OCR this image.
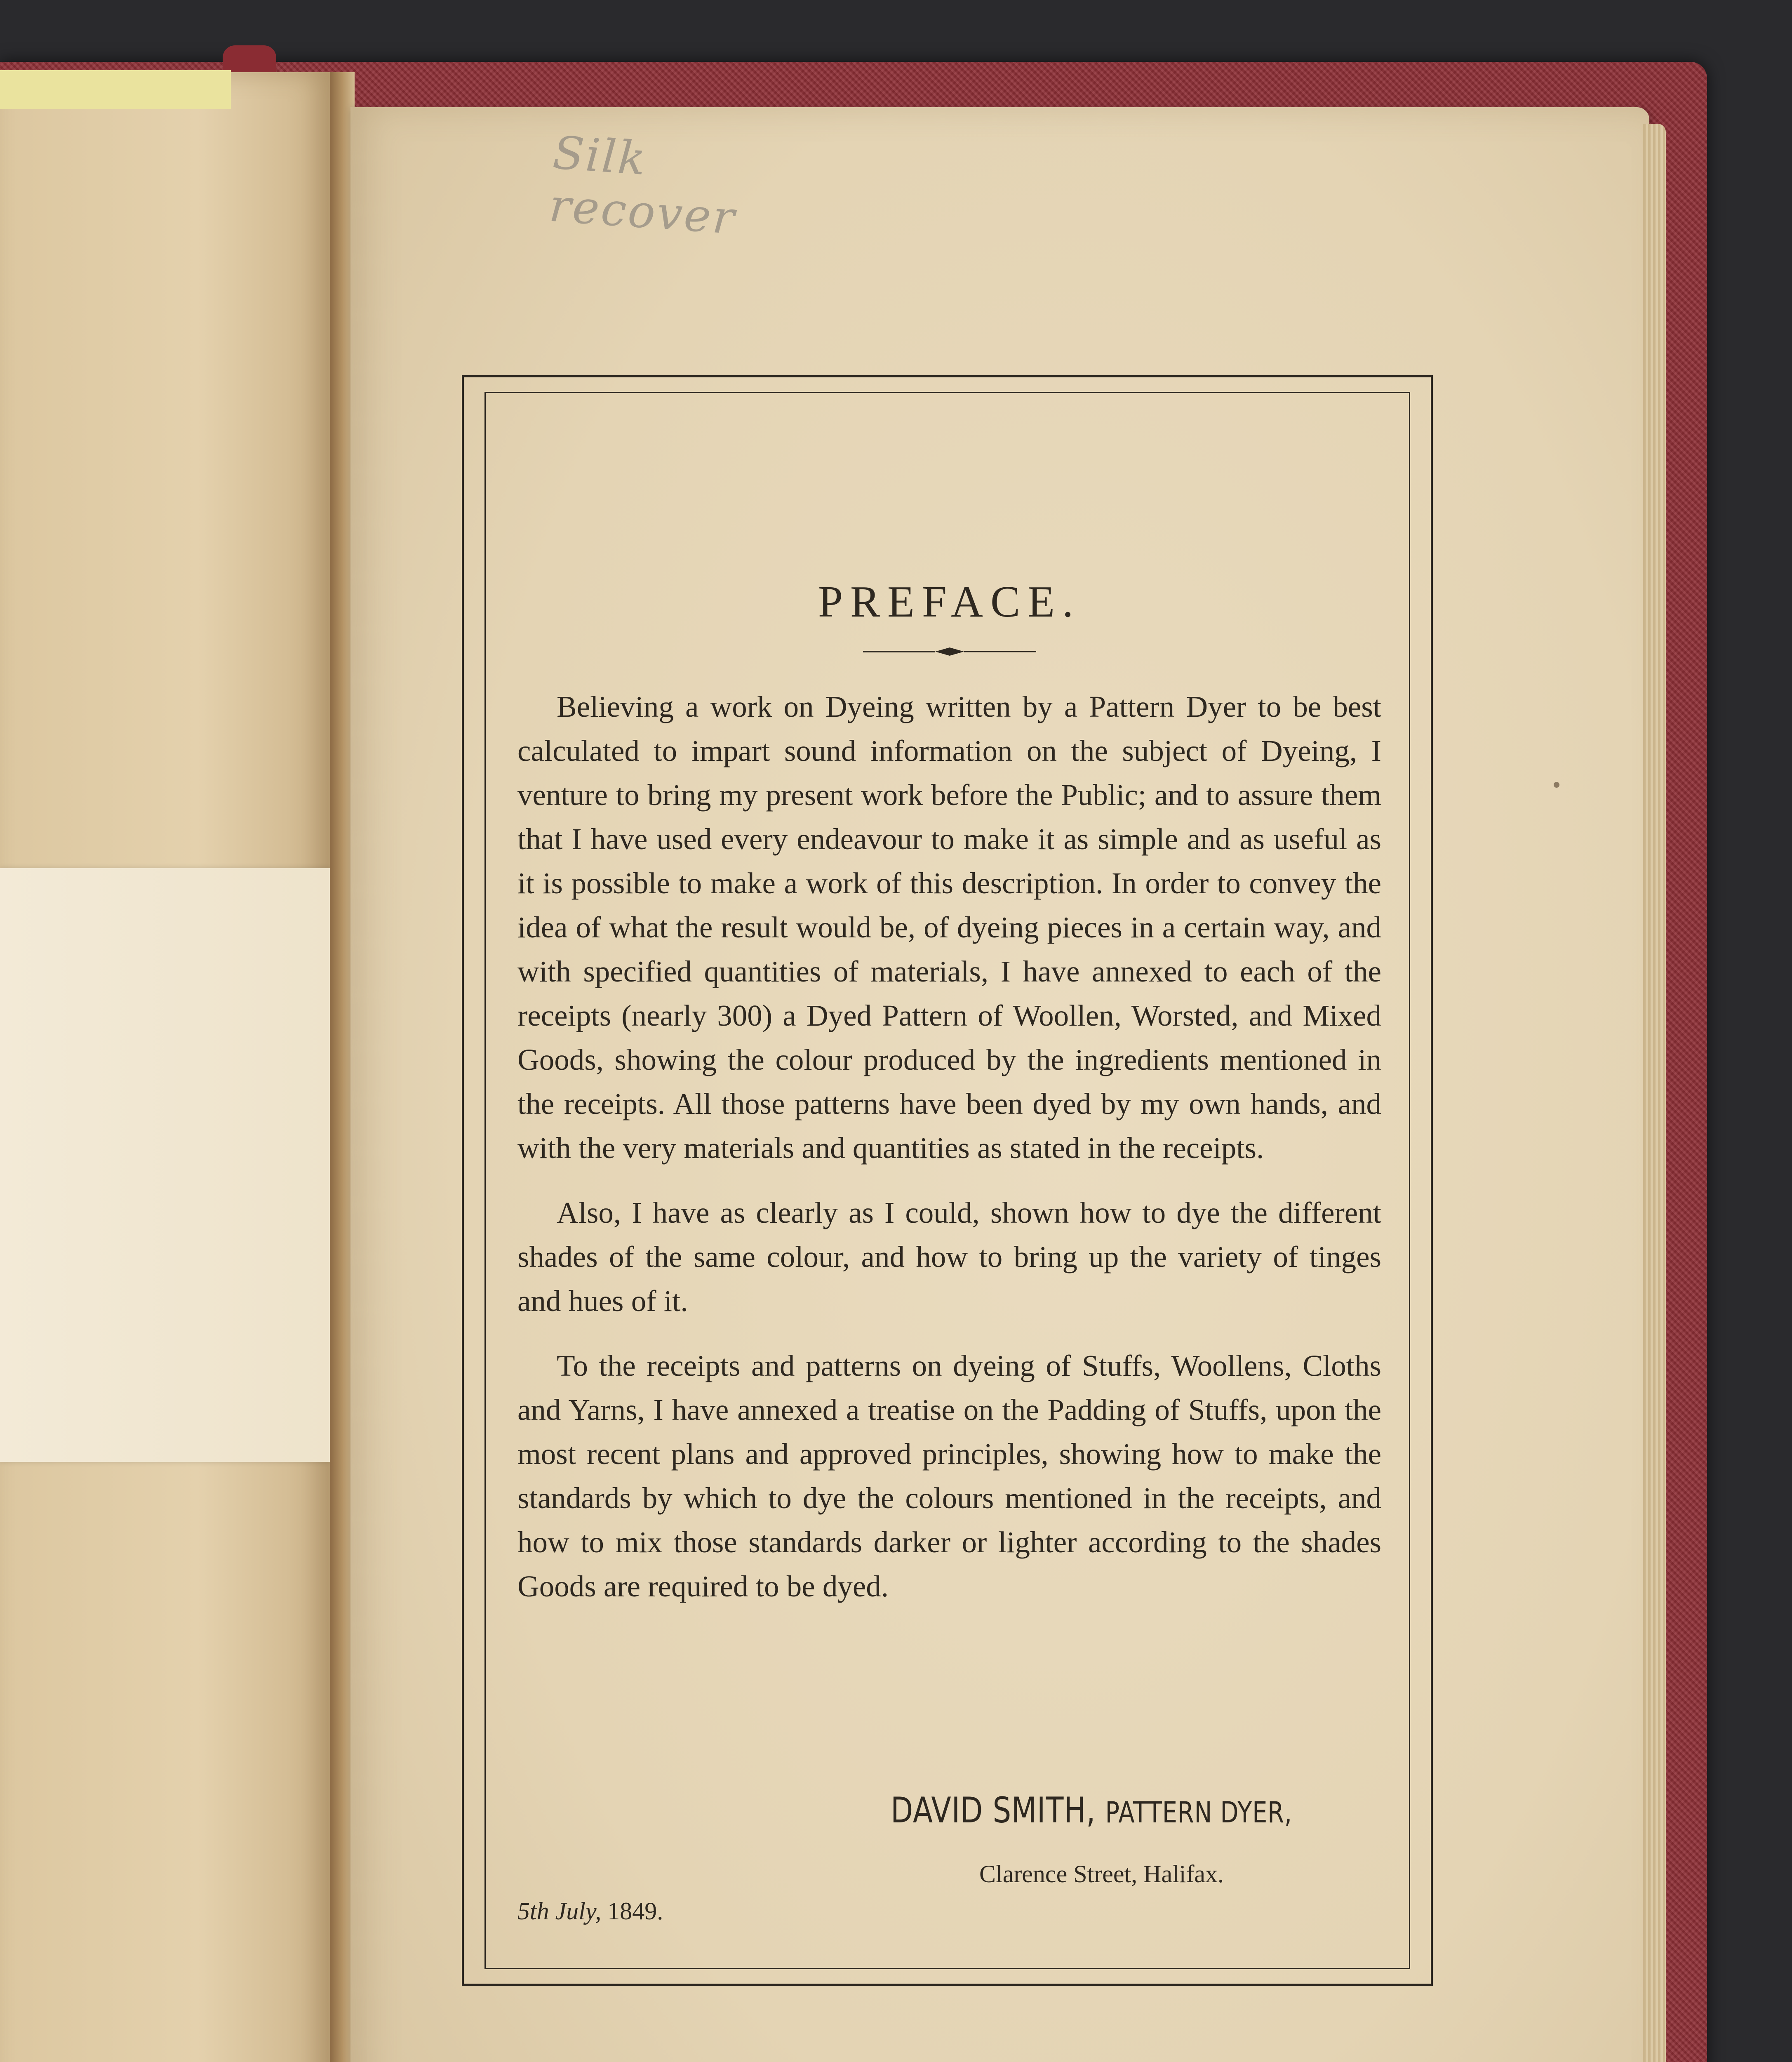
Silk recover
PREFACE.

Believing a work on Dyeing written by a Pattern Dyer to be best calculated to impart sound information on the subject of Dyeing, I venture to bring my present work before the Public; and to assure them that I have used every endeavour to make it as simple and as useful as it is possible to make a work of this description. In order to convey the idea of what the result would be, of dyeing pieces in a certain way, and with specified quantities of materials, I have annexed to each of the receipts (nearly 300) a Dyed Pattern of Woollen, Worsted, and Mixed Goods, showing the colour produced by the ingredients mentioned in the receipts. All those patterns have been dyed by my own hands, and with the very materials and quantities as stated in the receipts.

Also, I have as clearly as I could, shown how to dye the different shades of the same colour, and how to bring up the variety of tinges and hues of it.

To the receipts and patterns on dyeing of Stuffs, Woollens, Cloths and Yarns, I have annexed a treatise on the Padding of Stuffs, upon the most recent plans and approved principles, showing how to make the standards by which to dye the colours mentioned in the receipts, and how to mix those standards darker or lighter according to the shades Goods are required to be dyed.

DAVID SMITH, PATTERN DYER,
Clarence Street, Halifax.
5th July, 1849.
